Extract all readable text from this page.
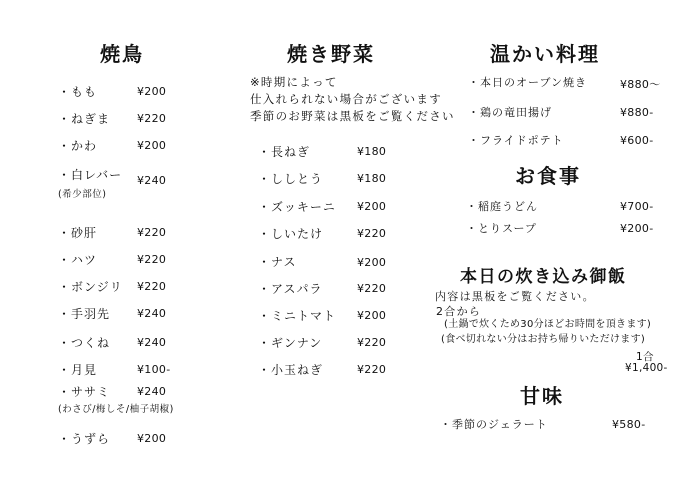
焼鳥
・もも	¥200
・ねぎま ¥220
・かわ	¥200
・白レバー ¥240
(希少部位)
・砂肝	¥220
・ハツ	¥220
・ボンジリ ¥220
・手羽先 ¥240
・つくね ¥240
・月見	¥100-
・ササミ ¥240
(わさび/梅しそ/柚子胡椒)
・うずら ¥200
焼き野菜
※時期によって
仕入れられない場合がございます
季節のお野菜は黒板をご覧ください
・長ねぎ	¥180
・ししとう	¥180
・ズッキーニ ¥200
・しいたけ	¥220
・ナス	¥200
・アスパラ	¥220
・ミニトマト ¥200
・ギンナン	¥220
・小玉ねぎ	¥220
温かい料理
・本日のオーブン焼き	¥880〜
・鶏の竜田揚げ	¥880-
・フライドポテト	¥600-
お食事
・稲庭うどん	¥700-
・とりスープ	¥200-
本日の炊き込み御飯
内容は黒板をご覧ください。
2合から
(土鍋で炊くため30分ほどお時間を頂きます)
(食べ切れない分はお持ち帰りいただけます)
1合
¥1,400-
甘味
・季節のジェラート	¥580-
